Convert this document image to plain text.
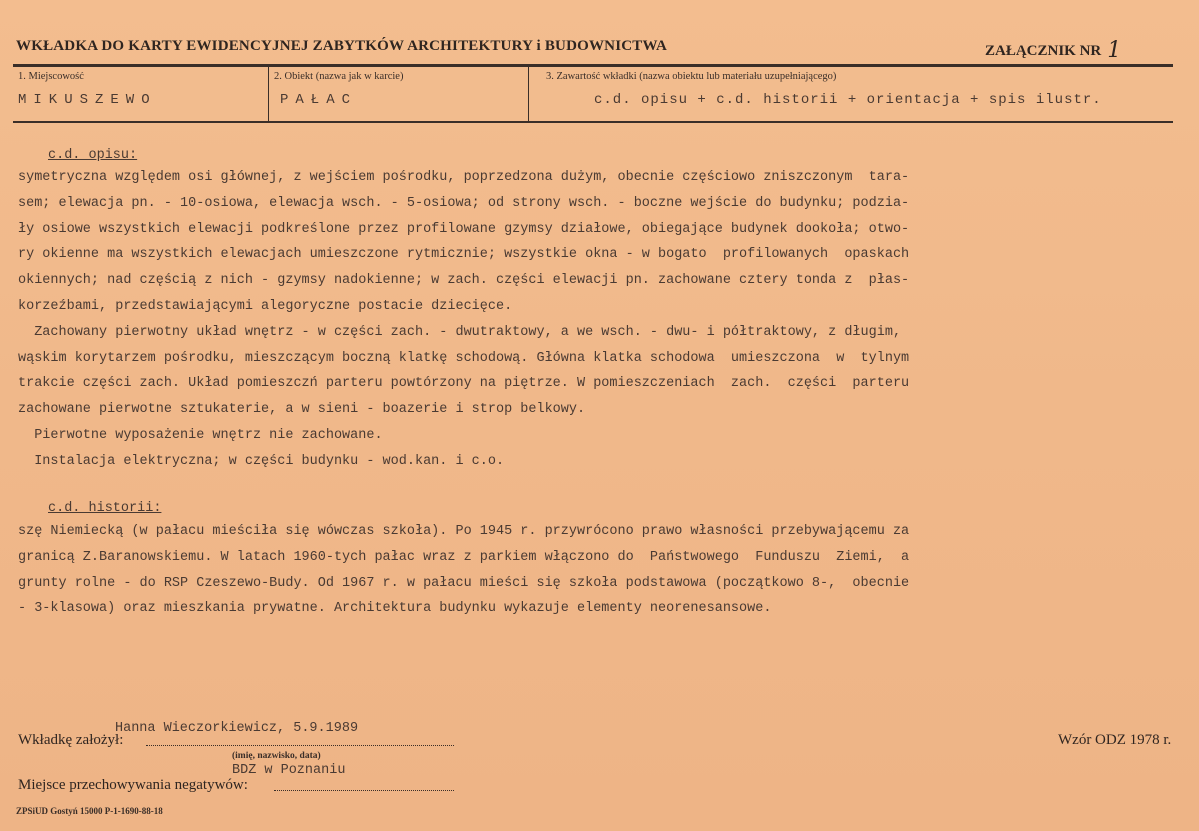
WKŁADKA DO KARTY EWIDENCYJNEJ ZABYTKÓW ARCHITEKTURY i BUDOWNICTWA	ZAŁĄCZNIK NR 1
1. Miejscowość
MIKUSZEWO
2. Obiekt (nazwa jak w karcie)
PAŁAC
3. Zawartość wkładki (nazwa obiektu lub materiału uzupełniającego)
c.d. opisu + c.d. historii + orientacja + spis ilustr.
c.d. opisu:
symetryczna względem osi głównej, z wejściem pośrodku, poprzedzona dużym, obecnie częściowo zniszczonym  tara-
sem; elewacja pn. - 10-osiowa, elewacja wsch. - 5-osiowa; od strony wsch. - boczne wejście do budynku; podzia-
ły osiowe wszystkich elewacji podkreślone przez profilowane gzymsy działowe, obiegające budynek dookoła; otwo-
ry okienne ma wszystkich elewacjach umieszczone rytmicznie; wszystkie okna - w bogato  profilowanych  opaskach
okiennych; nad częścią z nich - gzymsy nadokienne; w zach. części elewacji pn. zachowane cztery tonda z  płas-
korzeźbami, przedstawiającymi alegoryczne postacie dziecięce.
Zachowany pierwotny układ wnętrz - w części zach. - dwutraktowy, a we wsch. - dwu- i półtraktowy, z długim,
wąskim korytarzem pośrodku, mieszczącym boczną klatkę schodową. Główna klatka schodowa  umieszczona  w  tylnym
trakcie części zach. Układ pomieszczń parteru powtórzony na piętrze. W pomieszczeniach  zach.  części  parteru
zachowane pierwotne sztukaterie, a w sieni - boazerie i strop belkowy.
Pierwotne wyposażenie wnętrz nie zachowane.
Instalacja elektryczna; w części budynku - wod.kan. i c.o.
c.d. historii:
szę Niemiecką (w pałacu mieściła się wówczas szkoła). Po 1945 r. przywrócono prawo własności przebywającemu za
granicą Z.Baranowskiemu. W latach 1960-tych pałac wraz z parkiem włączono do  Państwowego  Funduszu  Ziemi,  a
grunty rolne - do RSP Czeszewo-Budy. Od 1967 r. w pałacu mieści się szkoła podstawowa (początkowo 8-,  obecnie
- 3-klasowa) oraz mieszkania prywatne. Architektura budynku wykazuje elementy neorenesansowe.
Hanna Wieczorkiewicz, 5.9.1989
Wkładkę założył:
(imię, nazwisko, data)
BDZ w Poznaniu
Miejsce przechowywania negatywów:
Wzór ODZ 1978 r.
ZPSiUD Gostyń 15000 P-1-1690-88-18
